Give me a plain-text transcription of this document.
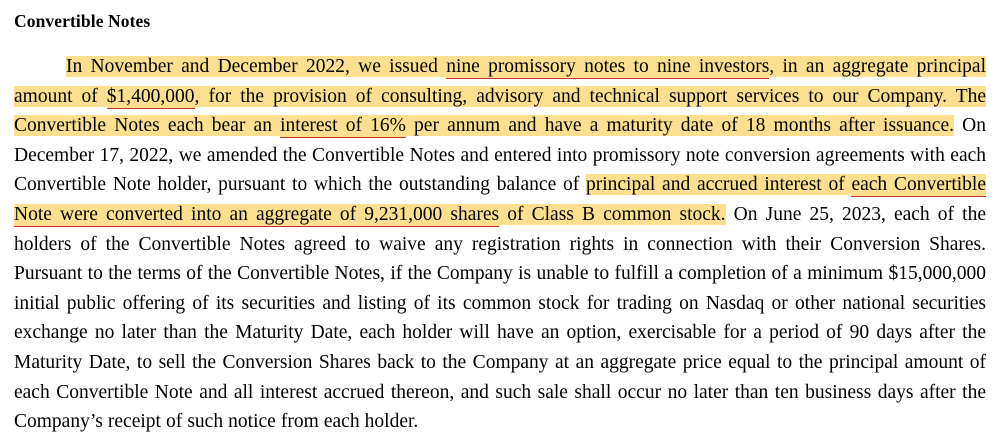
Convertible Notes

In November and December 2022, we issued nine promissory notes to nine investors, in an aggregate principal amount of $1,400,000, for the provision of consulting, advisory and technical support services to our Company. The Convertible Notes each bear an interest of 16% per annum and have a maturity date of 18 months after issuance. On December 17, 2022, we amended the Convertible Notes and entered into promissory note conversion agreements with each Convertible Note holder, pursuant to which the outstanding balance of principal and accrued interest of each Convertible Note were converted into an aggregate of 9,231,000 shares of Class B common stock. On June 25, 2023, each of the holders of the Convertible Notes agreed to waive any registration rights in connection with their Conversion Shares. Pursuant to the terms of the Convertible Notes, if the Company is unable to fulfill a completion of a minimum $15,000,000 initial public offering of its securities and listing of its common stock for trading on Nasdaq or other national securities exchange no later than the Maturity Date, each holder will have an option, exercisable for a period of 90 days after the Maturity Date, to sell the Conversion Shares back to the Company at an aggregate price equal to the principal amount of each Convertible Note and all interest accrued thereon, and such sale shall occur no later than ten business days after the Company’s receipt of such notice from each holder.
